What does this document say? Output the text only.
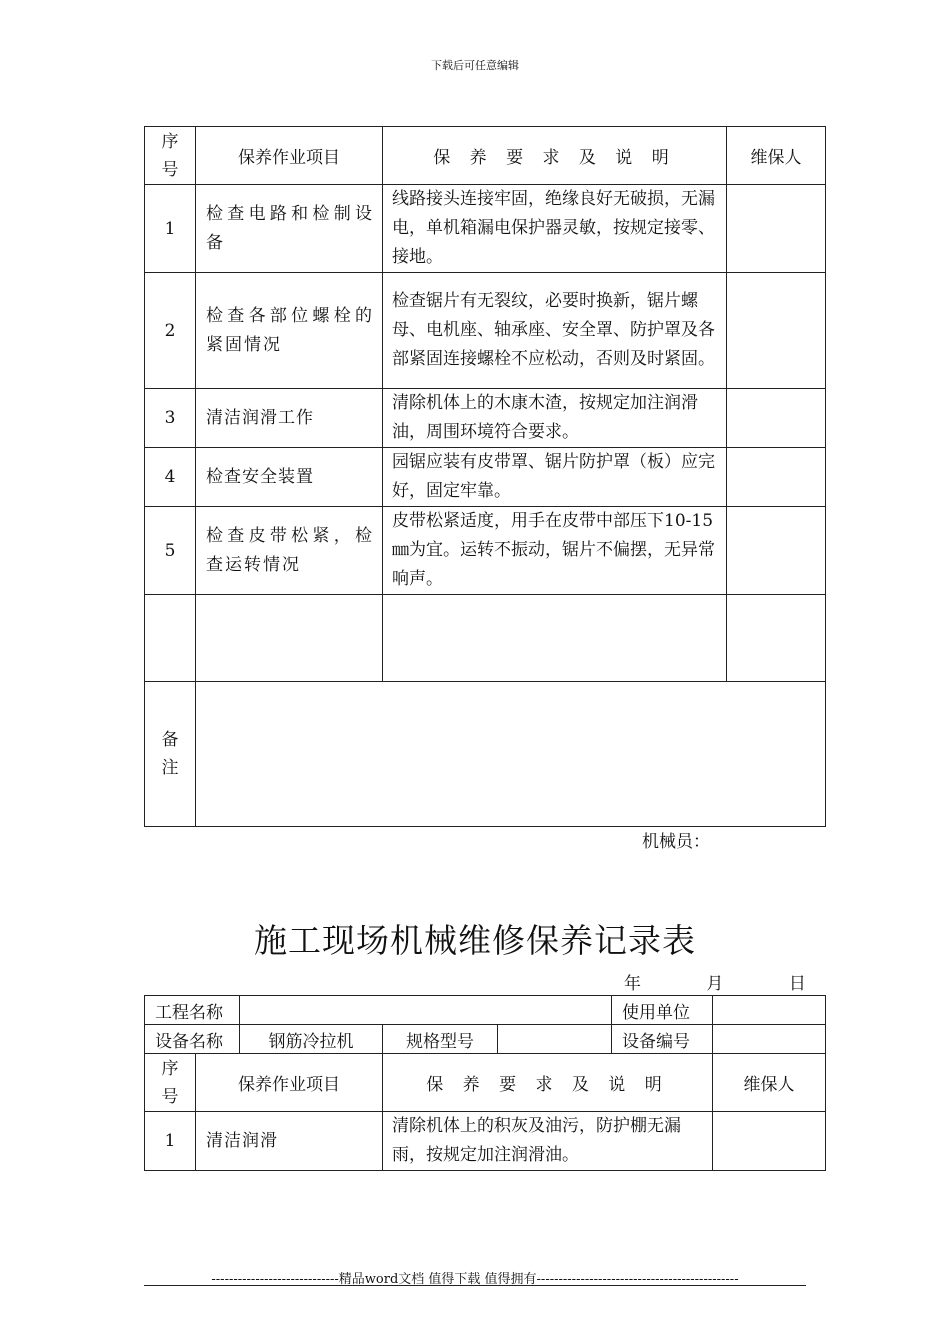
下载后可任意编辑
序号	保养作业项目	保 养 要 求 及 说 明	维保人
1	检查电路和检制设备	线路接头连接牢固，绝缘良好无破损，无漏电，单机箱漏电保护器灵敏，按规定接零、接地。	
2	检查各部位螺栓的紧固情况	检查锯片有无裂纹，必要时换新，锯片螺母、电机座、轴承座、安全罩、防护罩及各部紧固连接螺栓不应松动，否则及时紧固。	
3	清洁润滑工作	清除机体上的木康木渣，按规定加注润滑油，周围环境符合要求。	
4	检查安全装置	园锯应装有皮带罩、锯片防护罩（板）应完好，固定牢靠。	
5	检查皮带松紧，检查运转情况	皮带松紧适度，用手在皮带中部压下10-15㎜为宜。运转不振动，锯片不偏摆，无异常响声。	

备注			
机械员：
施工现场机械维修保养记录表
年	月	日
工程名称					使用单位	
设备名称		钢筋冷拉机	规格型号		设备编号	
序号	保养作业项目		保 养 要 求 及 说 明			维保人
1	清洁润滑		清除机体上的积灰及油污，防护棚无漏雨，按规定加注润滑油。			
-----------------------------精品word文档 值得下载 值得拥有----------------------------------------------
